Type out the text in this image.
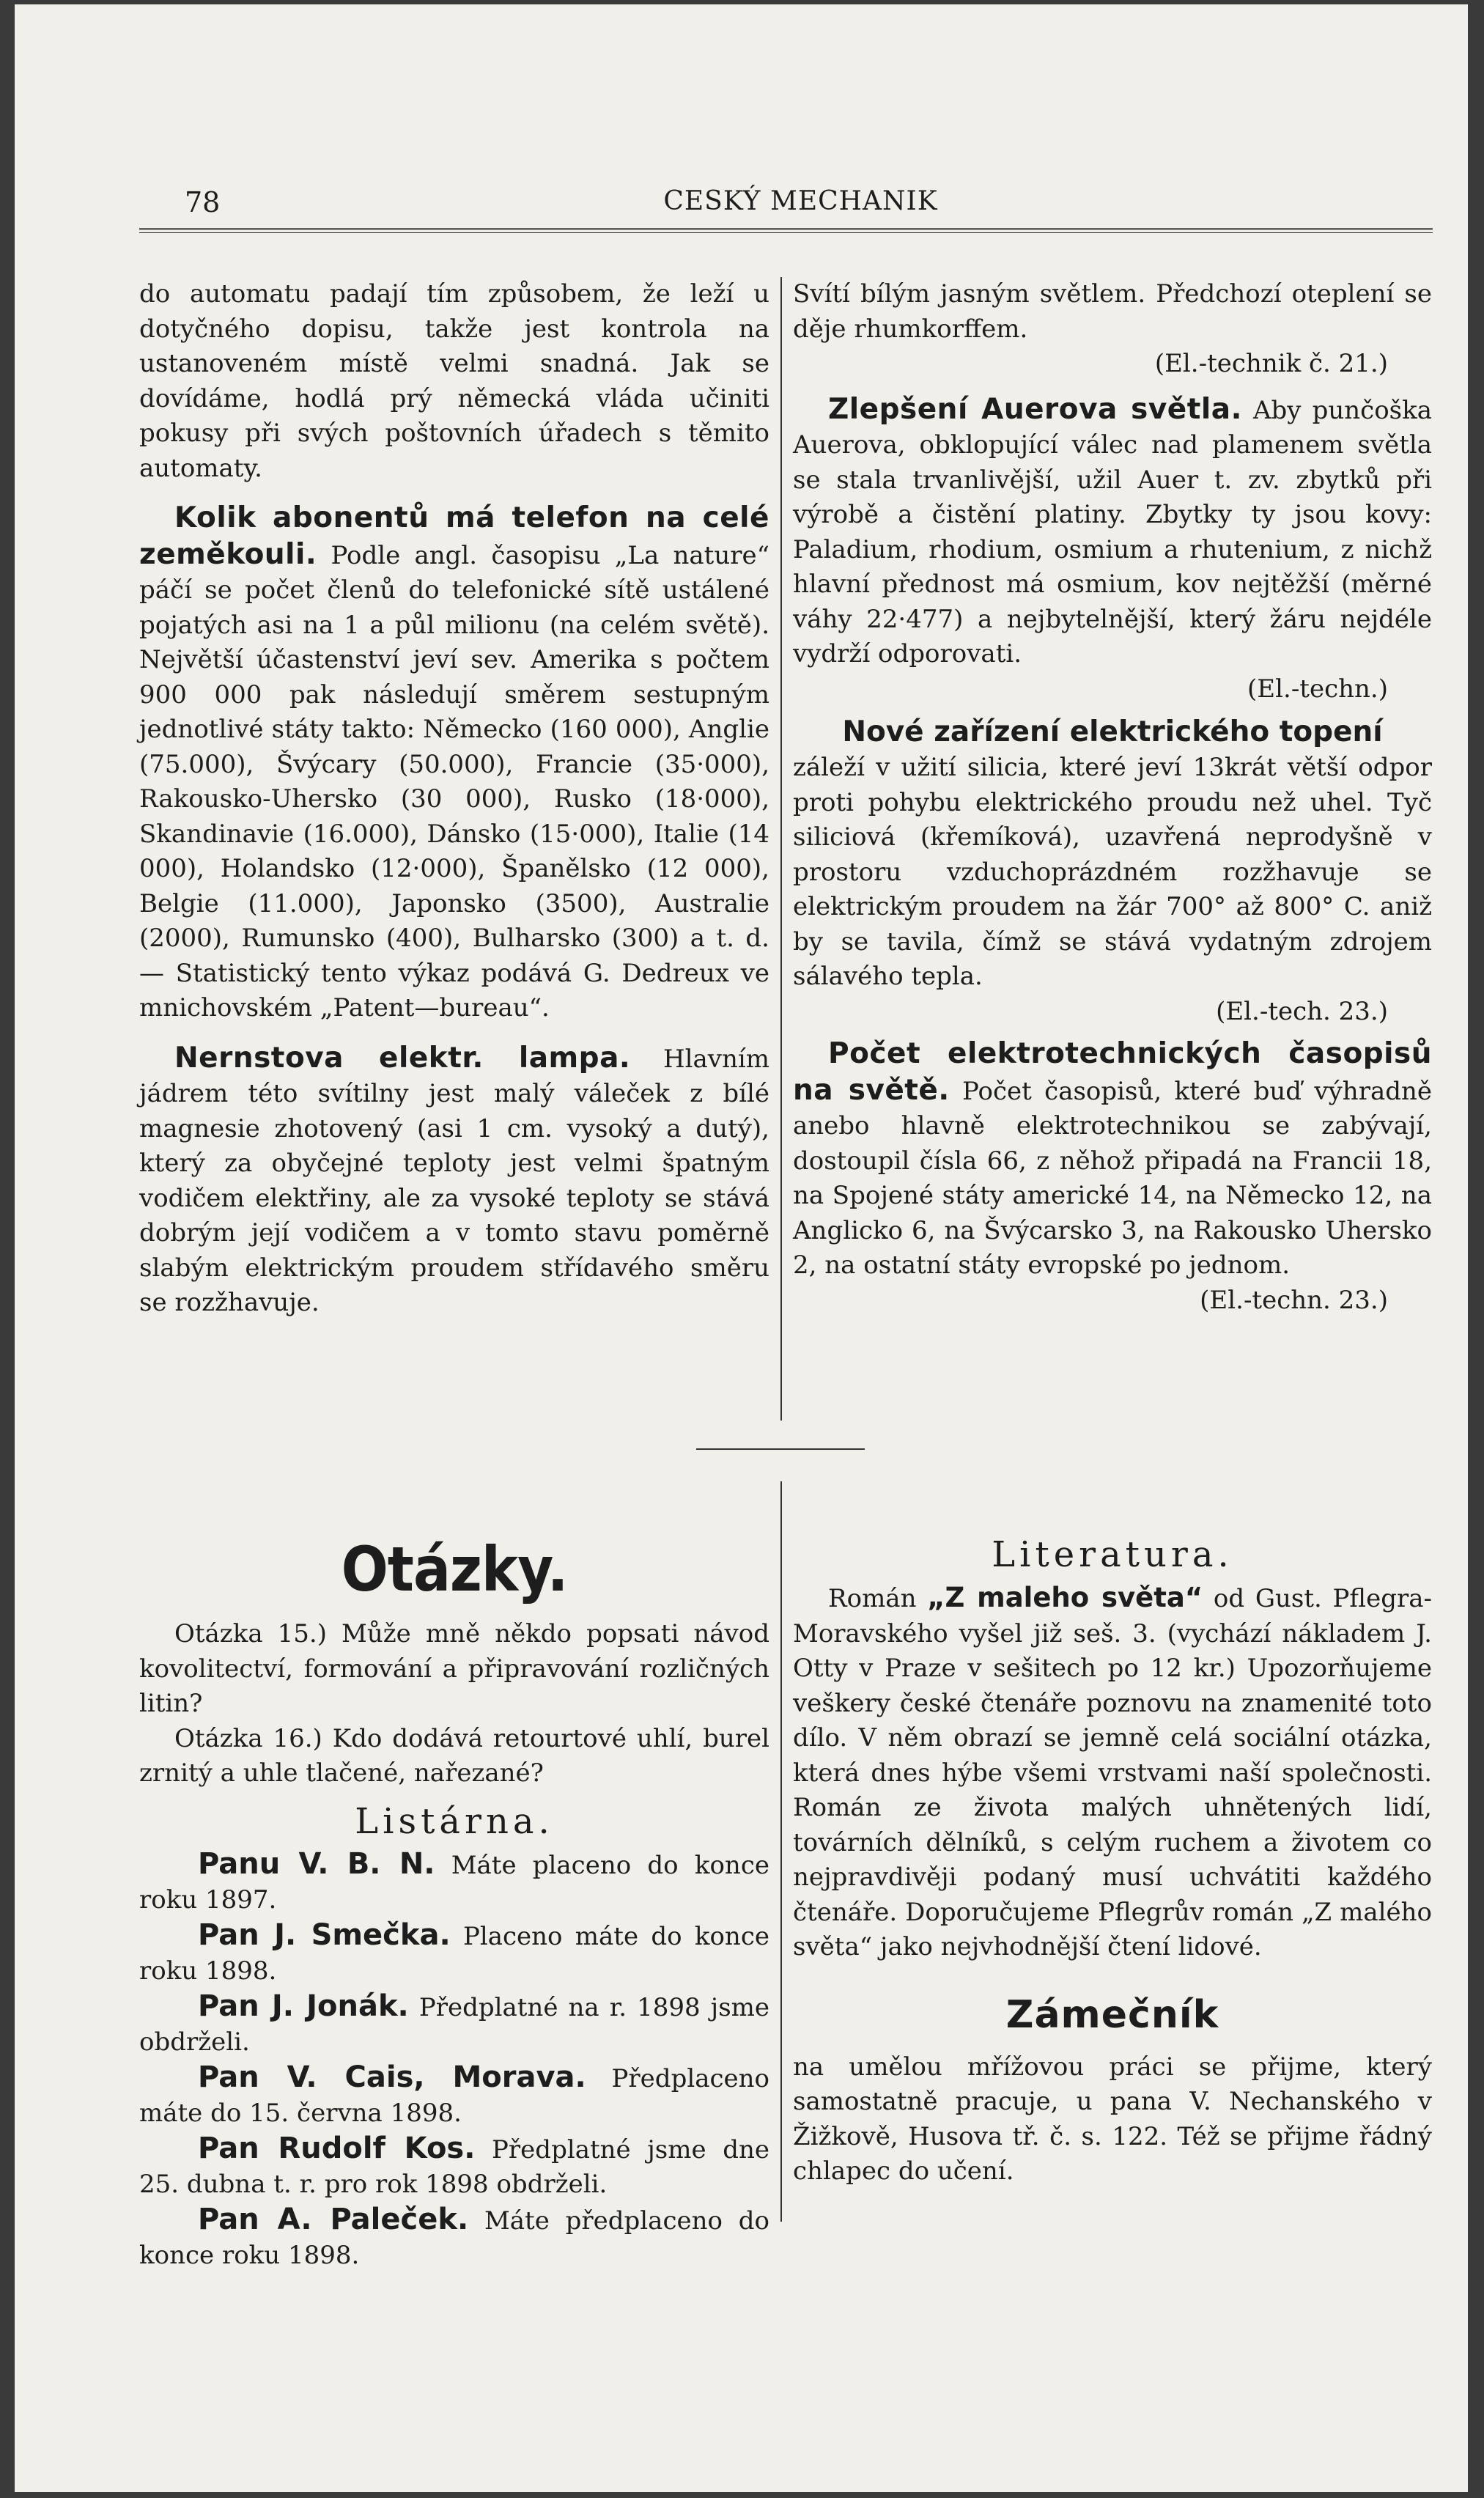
78	CESKÝ MECHANIK

do automatu padají tím způsobem, že leží u dotyčného dopisu, takže jest kontrola na ustanoveném místě velmi snadná. Jak se dovídáme, hodlá prý německá vláda učiniti pokusy při svých poštovních úřadech s těmito automaty.

Kolik abonentů má telefon na celé zeměkouli. Podle angl. časopisu „La nature“ páčí se počet členů do telefonické sítě ustálené pojatých asi na 1 a půl milionu (na celém světě). Největší účastenství jeví sev. Amerika s počtem 900 000 pak následují směrem sestupným jednotlivé státy takto: Německo (160 000), Anglie (75.000), Švýcary (50.000), Francie (35·000), Rakousko-Uhersko (30 000), Rusko (18·000), Skandinavie (16.000), Dánsko (15·000), Italie (14 000), Holandsko (12·000), Španělsko (12 000), Belgie (11.000), Japonsko (3500), Australie (2000), Rumunsko (400), Bulharsko (300) a t. d. — Statistický tento výkaz podává G. Dedreux ve mnichovském „Patent—bureau“.

Nernstova elektr. lampa. Hlavním jádrem této svítilny jest malý váleček z bílé magnesie zhotovený (asi 1 cm. vysoký a dutý), který za obyčejné teploty jest velmi špatným vodičem elektřiny, ale za vysoké teploty se stává dobrým její vodičem a v tomto stavu poměrně slabým elektrickým proudem střídavého směru se rozžhavuje.

Svítí bílým jasným světlem. Předchozí oteplení se děje rhumkorffem.

(El.-technik č. 21.)

Zlepšení Auerova světla. Aby punčoška Auerova, obklopující válec nad plamenem světla se stala trvanlivější, užil Auer t. zv. zbytků při výrobě a čistění platiny. Zbytky ty jsou kovy: Paladium, rhodium, osmium a rhutenium, z nichž hlavní přednost má osmium, kov nejtěžší (měrné váhy 22·477) a nejbytelnější, který žáru nejdéle vydrží odporovati.

(El.-techn.)

Nové zařízení elektrického topení

záleží v užití silicia, které jeví 13krát větší odpor proti pohybu elektrického proudu než uhel. Tyč siliciová (křemíková), uzavřená neprodyšně v prostoru vzduchoprázdném rozžhavuje se elektrickým proudem na žár 700° až 800° C. aniž by se tavila, čímž se stává vydatným zdrojem sálavého tepla.

(El.-tech. 23.)

Počet elektrotechnických časopisů na světě. Počet časopisů, které buď výhradně anebo hlavně elektrotechnikou se zabývají, dostoupil čísla 66, z něhož připadá na Francii 18, na Spojené státy americké 14, na Německo 12, na Anglicko 6, na Švýcarsko 3, na Rakousko Uhersko 2, na ostatní státy evropské po jednom.

(El.-techn. 23.)

Otázky.

Otázka 15.) Může mně někdo popsati návod kovolitectví, formování a připravování rozličných litin?

Otázka 16.) Kdo dodává retourtové uhlí, burel zrnitý a uhle tlačené, nařezané?

Listárna.

Panu V. B. N. Máte placeno do konce roku 1897.

Pan J. Smečka. Placeno máte do konce roku 1898.

Pan J. Jonák. Předplatné na r. 1898 jsme obdrželi.

Pan V. Cais, Morava. Předplaceno máte do 15. června 1898.

Pan Rudolf Kos. Předplatné jsme dne 25. dubna t. r. pro rok 1898 obdrželi.

Pan A. Paleček. Máte předplaceno do konce roku 1898.

Literatura.

Román „Z maleho světa“ od Gust. Pflegra-Moravského vyšel již seš. 3. (vychází nákladem J. Otty v Praze v sešitech po 12 kr.) Upozorňujeme veškery české čtenáře poznovu na znamenité toto dílo. V něm obrazí se jemně celá sociální otázka, která dnes hýbe všemi vrstvami naší společnosti. Román ze života malých uhnětených lidí, továrních dělníků, s celým ruchem a životem co nejpravdivěji podaný musí uchvátiti každého čtenáře. Doporučujeme Pflegrův román „Z malého světa“ jako nejvhodnější čtení lidové.

Zámečník

na umělou mřížovou práci se přijme, který samostatně pracuje, u pana V. Nechanského v Žižkově, Husova tř. č. s. 122. Též se přijme řádný chlapec do učení.
